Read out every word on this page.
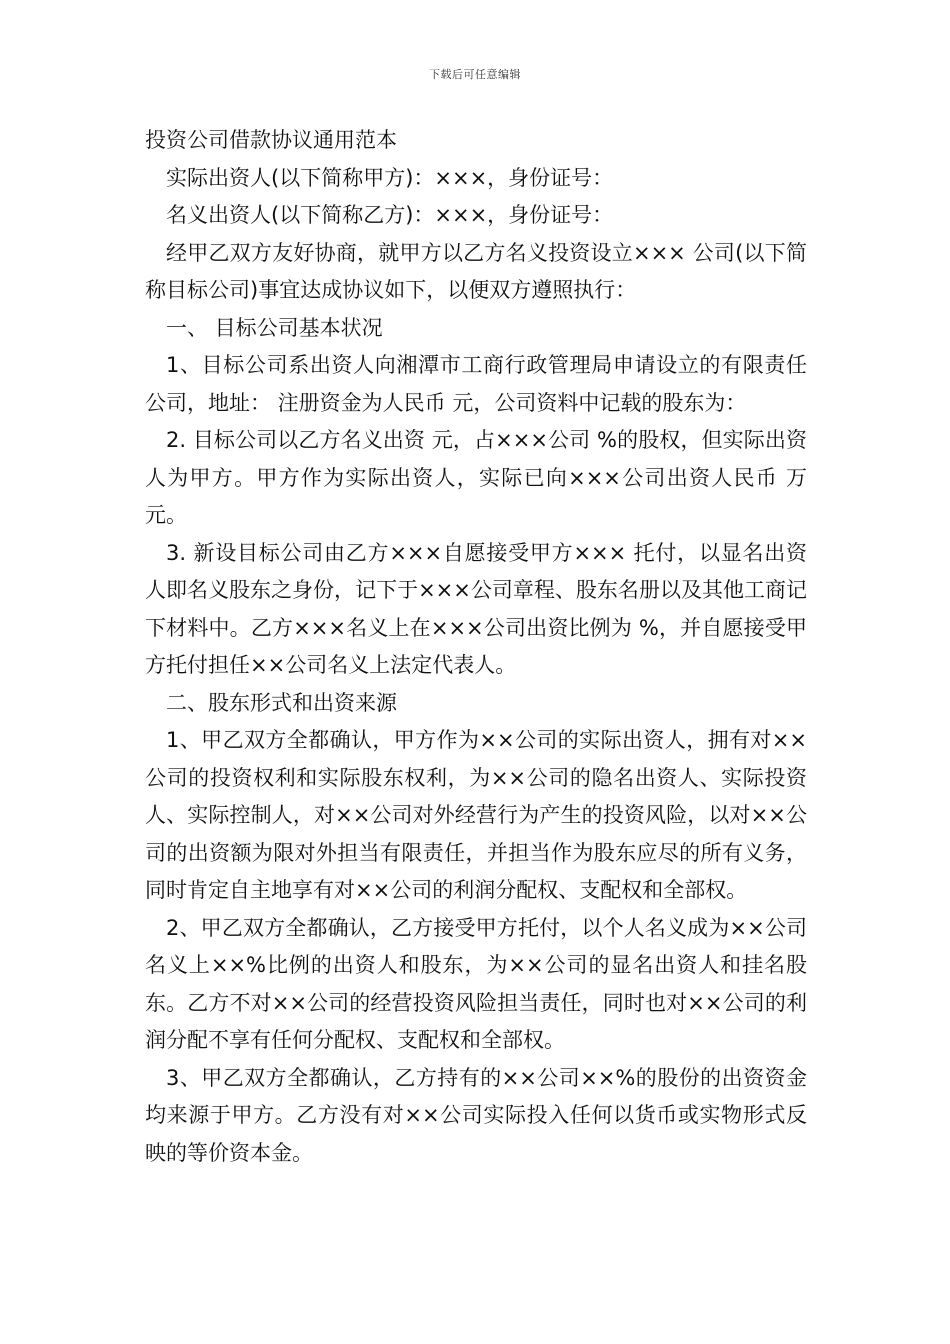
下载后可任意编辑

投资公司借款协议通用范本

实际出资人(以下简称甲方)：×××，身份证号：

名义出资人(以下简称乙方)：×××，身份证号：

经甲乙双方友好协商，就甲方以乙方名义投资设立××× 公司(以下简称目标公司)事宜达成协议如下，以便双方遵照执行：

一、 目标公司基本状况

1、目标公司系出资人向湘潭市工商行政管理局申请设立的有限责任公司，地址： 注册资金为人民币 元，公司资料中记载的股东为：

2. 目标公司以乙方名义出资 元，占×××公司 %的股权，但实际出资人为甲方。甲方作为实际出资人，实际已向×××公司出资人民币 万元。

3. 新设目标公司由乙方×××自愿接受甲方××× 托付，以显名出资人即名义股东之身份，记下于×××公司章程、股东名册以及其他工商记下材料中。乙方×××名义上在×××公司出资比例为 %，并自愿接受甲方托付担任××公司名义上法定代表人。

二、股东形式和出资来源

1、甲乙双方全都确认，甲方作为××公司的实际出资人，拥有对××公司的投资权利和实际股东权利，为××公司的隐名出资人、实际投资人、实际控制人，对××公司对外经营行为产生的投资风险，以对××公司的出资额为限对外担当有限责任，并担当作为股东应尽的所有义务，同时肯定自主地享有对××公司的利润分配权、支配权和全部权。

2、甲乙双方全都确认，乙方接受甲方托付，以个人名义成为××公司名义上××%比例的出资人和股东，为××公司的显名出资人和挂名股东。乙方不对××公司的经营投资风险担当责任，同时也对××公司的利润分配不享有任何分配权、支配权和全部权。

3、甲乙双方全都确认，乙方持有的××公司××%的股份的出资资金均来源于甲方。乙方没有对××公司实际投入任何以货币或实物形式反映的等价资本金。
